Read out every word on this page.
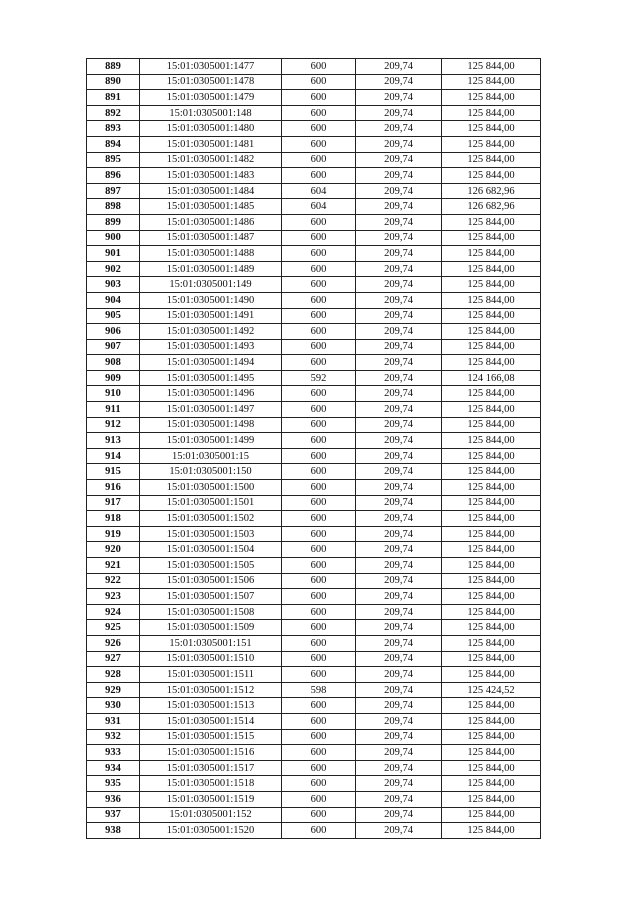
889	15:01:0305001:1477	600	209,74	125 844,00
890	15:01:0305001:1478	600	209,74	125 844,00
891	15:01:0305001:1479	600	209,74	125 844,00
892	15:01:0305001:148	600	209,74	125 844,00
893	15:01:0305001:1480	600	209,74	125 844,00
894	15:01:0305001:1481	600	209,74	125 844,00
895	15:01:0305001:1482	600	209,74	125 844,00
896	15:01:0305001:1483	600	209,74	125 844,00
897	15:01:0305001:1484	604	209,74	126 682,96
898	15:01:0305001:1485	604	209,74	126 682,96
899	15:01:0305001:1486	600	209,74	125 844,00
900	15:01:0305001:1487	600	209,74	125 844,00
901	15:01:0305001:1488	600	209,74	125 844,00
902	15:01:0305001:1489	600	209,74	125 844,00
903	15:01:0305001:149	600	209,74	125 844,00
904	15:01:0305001:1490	600	209,74	125 844,00
905	15:01:0305001:1491	600	209,74	125 844,00
906	15:01:0305001:1492	600	209,74	125 844,00
907	15:01:0305001:1493	600	209,74	125 844,00
908	15:01:0305001:1494	600	209,74	125 844,00
909	15:01:0305001:1495	592	209,74	124 166,08
910	15:01:0305001:1496	600	209,74	125 844,00
911	15:01:0305001:1497	600	209,74	125 844,00
912	15:01:0305001:1498	600	209,74	125 844,00
913	15:01:0305001:1499	600	209,74	125 844,00
914	15:01:0305001:15	600	209,74	125 844,00
915	15:01:0305001:150	600	209,74	125 844,00
916	15:01:0305001:1500	600	209,74	125 844,00
917	15:01:0305001:1501	600	209,74	125 844,00
918	15:01:0305001:1502	600	209,74	125 844,00
919	15:01:0305001:1503	600	209,74	125 844,00
920	15:01:0305001:1504	600	209,74	125 844,00
921	15:01:0305001:1505	600	209,74	125 844,00
922	15:01:0305001:1506	600	209,74	125 844,00
923	15:01:0305001:1507	600	209,74	125 844,00
924	15:01:0305001:1508	600	209,74	125 844,00
925	15:01:0305001:1509	600	209,74	125 844,00
926	15:01:0305001:151	600	209,74	125 844,00
927	15:01:0305001:1510	600	209,74	125 844,00
928	15:01:0305001:1511	600	209,74	125 844,00
929	15:01:0305001:1512	598	209,74	125 424,52
930	15:01:0305001:1513	600	209,74	125 844,00
931	15:01:0305001:1514	600	209,74	125 844,00
932	15:01:0305001:1515	600	209,74	125 844,00
933	15:01:0305001:1516	600	209,74	125 844,00
934	15:01:0305001:1517	600	209,74	125 844,00
935	15:01:0305001:1518	600	209,74	125 844,00
936	15:01:0305001:1519	600	209,74	125 844,00
937	15:01:0305001:152	600	209,74	125 844,00
938	15:01:0305001:1520	600	209,74	125 844,00
